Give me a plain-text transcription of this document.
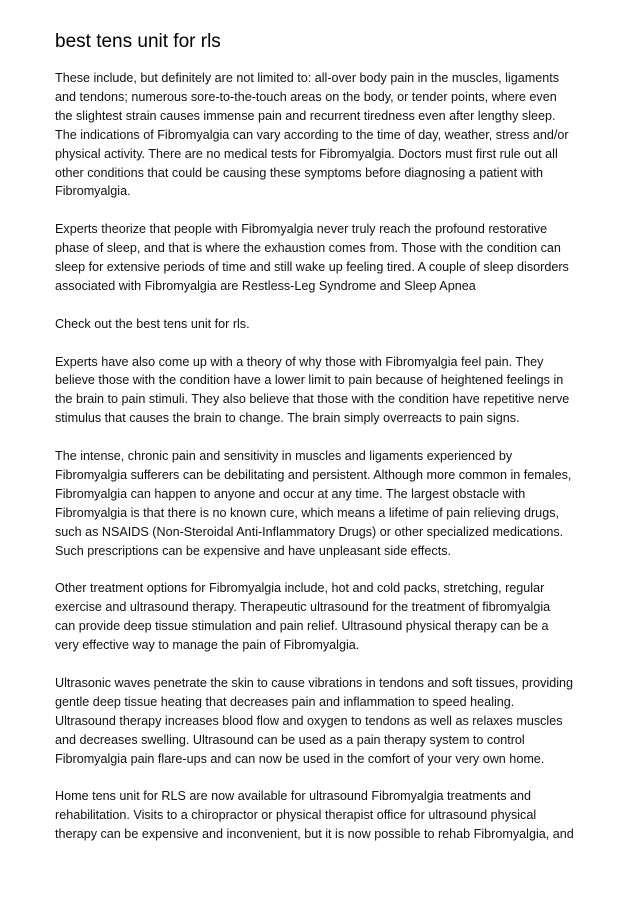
best tens unit for rls

These include, but definitely are not limited to: all-over body pain in the muscles, ligaments
and tendons; numerous sore-to-the-touch areas on the body, or tender points, where even
the slightest strain causes immense pain and recurrent tiredness even after lengthy sleep.
The indications of Fibromyalgia can vary according to the time of day, weather, stress and/or
physical activity. There are no medical tests for Fibromyalgia. Doctors must first rule out all
other conditions that could be causing these symptoms before diagnosing a patient with
Fibromyalgia.

Experts theorize that people with Fibromyalgia never truly reach the profound restorative
phase of sleep, and that is where the exhaustion comes from. Those with the condition can
sleep for extensive periods of time and still wake up feeling tired. A couple of sleep disorders
associated with Fibromyalgia are Restless-Leg Syndrome and Sleep Apnea

Check out the best tens unit for rls.

Experts have also come up with a theory of why those with Fibromyalgia feel pain. They
believe those with the condition have a lower limit to pain because of heightened feelings in
the brain to pain stimuli. They also believe that those with the condition have repetitive nerve
stimulus that causes the brain to change. The brain simply overreacts to pain signs.

The intense, chronic pain and sensitivity in muscles and ligaments experienced by
Fibromyalgia sufferers can be debilitating and persistent. Although more common in females,
Fibromyalgia can happen to anyone and occur at any time. The largest obstacle with
Fibromyalgia is that there is no known cure, which means a lifetime of pain relieving drugs,
such as NSAIDS (Non-Steroidal Anti-Inflammatory Drugs) or other specialized medications.
Such prescriptions can be expensive and have unpleasant side effects.

Other treatment options for Fibromyalgia include, hot and cold packs, stretching, regular
exercise and ultrasound therapy. Therapeutic ultrasound for the treatment of fibromyalgia
can provide deep tissue stimulation and pain relief. Ultrasound physical therapy can be a
very effective way to manage the pain of Fibromyalgia.

Ultrasonic waves penetrate the skin to cause vibrations in tendons and soft tissues, providing
gentle deep tissue heating that decreases pain and inflammation to speed healing.
Ultrasound therapy increases blood flow and oxygen to tendons as well as relaxes muscles
and decreases swelling. Ultrasound can be used as a pain therapy system to control
Fibromyalgia pain flare-ups and can now be used in the comfort of your very own home.

Home tens unit for RLS are now available for ultrasound Fibromyalgia treatments and
rehabilitation. Visits to a chiropractor or physical therapist office for ultrasound physical
therapy can be expensive and inconvenient, but it is now possible to rehab Fibromyalgia, and
